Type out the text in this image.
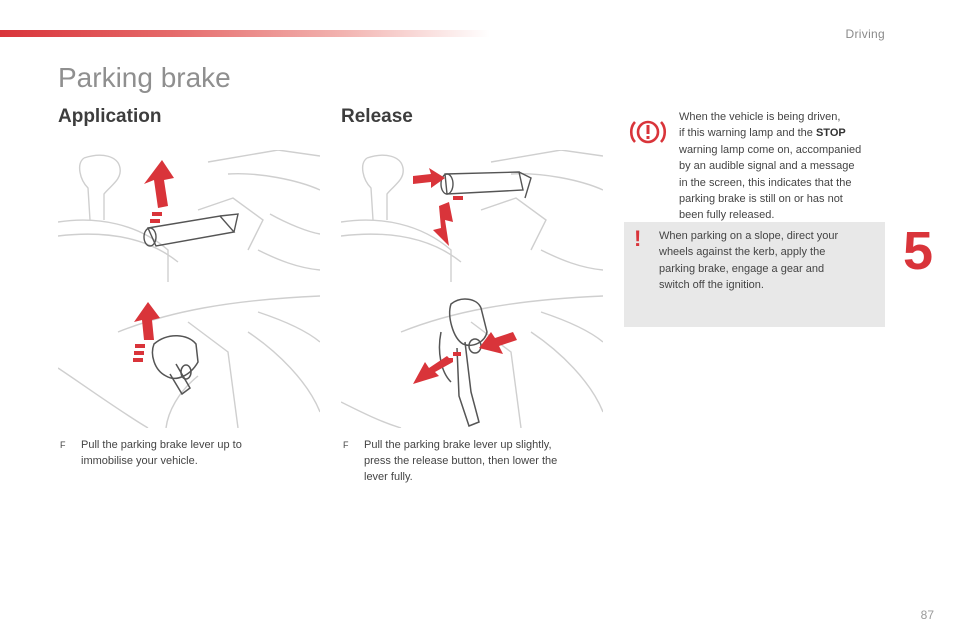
Driving
Parking brake
Application	Release
F	Pull the parking brake lever up to
immobilise your vehicle.
F	Pull the parking brake lever up slightly,
press the release button, then lower the
lever fully.
When the vehicle is being driven,
if this warning lamp and the STOP
warning lamp come on, accompanied
by an audible signal and a message
in the screen, this indicates that the
parking brake is still on or has not
been fully released.
! When parking on a slope, direct your
wheels against the kerb, apply the
parking brake, engage a gear and
switch off the ignition.
5
87
